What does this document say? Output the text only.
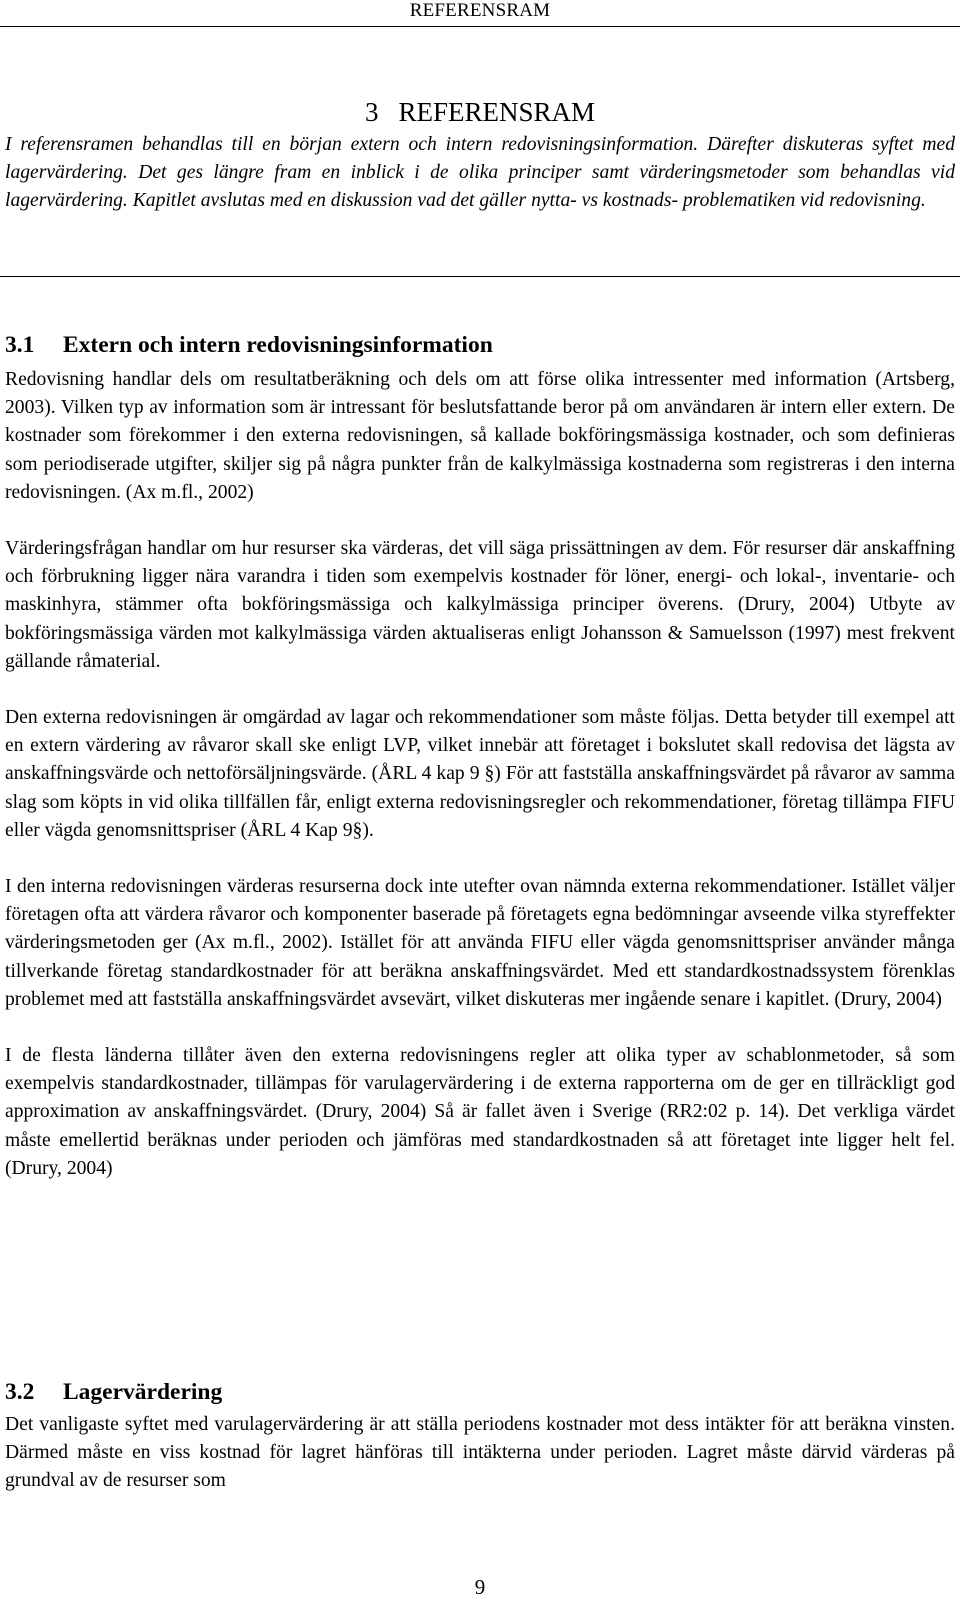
REFERENSRAM
3 REFERENSRAM

I referensramen behandlas till en början extern och intern redovisningsinformation. Därefter diskuteras syftet med lagervärdering. Det ges längre fram en inblick i de olika principer samt värderingsmetoder som behandlas vid lagervärdering. Kapitlet avslutas med en diskussion vad det gäller nytta- vs kostnads- problematiken vid redovisning.

3.1 Extern och intern redovisningsinformation

Redovisning handlar dels om resultatberäkning och dels om att förse olika intressenter med information (Artsberg, 2003). Vilken typ av information som är intressant för beslutsfattande beror på om användaren är intern eller extern. De kostnader som förekommer i den externa redovisningen, så kallade bokföringsmässiga kostnader, och som definieras som periodiserade utgifter, skiljer sig på några punkter från de kalkylmässiga kostnaderna som registreras i den interna redovisningen. (Ax m.fl., 2002)

Värderingsfrågan handlar om hur resurser ska värderas, det vill säga prissättningen av dem. För resurser där anskaffning och förbrukning ligger nära varandra i tiden som exempelvis kostnader för löner, energi- och lokal-, inventarie- och maskinhyra, stämmer ofta bokföringsmässiga och kalkylmässiga principer överens. (Drury, 2004) Utbyte av bokföringsmässiga värden mot kalkylmässiga värden aktualiseras enligt Johansson & Samuelsson (1997) mest frekvent gällande råmaterial.

Den externa redovisningen är omgärdad av lagar och rekommendationer som måste följas. Detta betyder till exempel att en extern värdering av råvaror skall ske enligt LVP, vilket innebär att företaget i bokslutet skall redovisa det lägsta av anskaffningsvärde och nettoförsäljningsvärde. (ÅRL 4 kap 9 §) För att fastställa anskaffningsvärdet på råvaror av samma slag som köpts in vid olika tillfällen får, enligt externa redovisningsregler och rekommendationer, företag tillämpa FIFU eller vägda genomsnittspriser (ÅRL 4 Kap 9§).

I den interna redovisningen värderas resurserna dock inte utefter ovan nämnda externa rekommendationer. Istället väljer företagen ofta att värdera råvaror och komponenter baserade på företagets egna bedömningar avseende vilka styreffekter värderingsmetoden ger (Ax m.fl., 2002). Istället för att använda FIFU eller vägda genomsnittspriser använder många tillverkande företag standardkostnader för att beräkna anskaffningsvärdet. Med ett standardkostnadssystem förenklas problemet med att fastställa anskaffningsvärdet avsevärt, vilket diskuteras mer ingående senare i kapitlet. (Drury, 2004)

I de flesta länderna tillåter även den externa redovisningens regler att olika typer av schablonmetoder, så som exempelvis standardkostnader, tillämpas för varulagervärdering i de externa rapporterna om de ger en tillräckligt god approximation av anskaffningsvärdet. (Drury, 2004) Så är fallet även i Sverige (RR2:02 p. 14). Det verkliga värdet måste emellertid beräknas under perioden och jämföras med standardkostnaden så att företaget inte ligger helt fel. (Drury, 2004)

3.2 Lagervärdering

Det vanligaste syftet med varulagervärdering är att ställa periodens kostnader mot dess intäkter för att beräkna vinsten. Därmed måste en viss kostnad för lagret hänföras till intäkterna under perioden. Lagret måste därvid värderas på grundval av de resurser som

9
